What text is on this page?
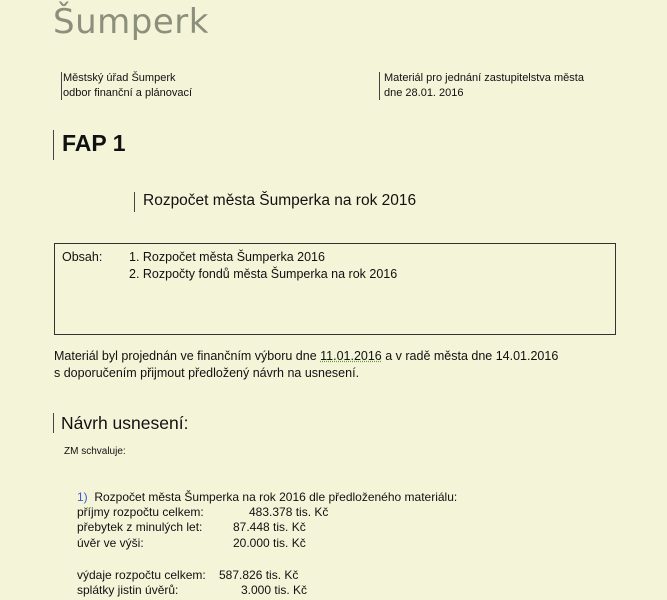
Šumperk
Městský úřad Šumperk
odbor finanční a plánovací
Materiál pro jednání zastupitelstva města
dne 28.01. 2016
FAP 1
Rozpočet města Šumperka na rok 2016
Obsah: 1. Rozpočet města Šumperka 2016
2. Rozpočty fondů města Šumperka na rok 2016
Materiál byl projednán ve finančním výboru dne 11.01.2016 a v radě města dne 14.01.2016
s doporučením přijmout předložený návrh na usnesení.
Návrh usnesení:
ZM schvaluje:
1) Rozpočet města Šumperka na rok 2016 dle předloženého materiálu:
příjmy rozpočtu celkem:	483.378 tis. Kč
přebytek z minulých let:	87.448 tis. Kč
úvěr ve výši:	20.000 tis. Kč
výdaje rozpočtu celkem: 587.826 tis. Kč
splátky jistin úvěrů:	3.000 tis. Kč
